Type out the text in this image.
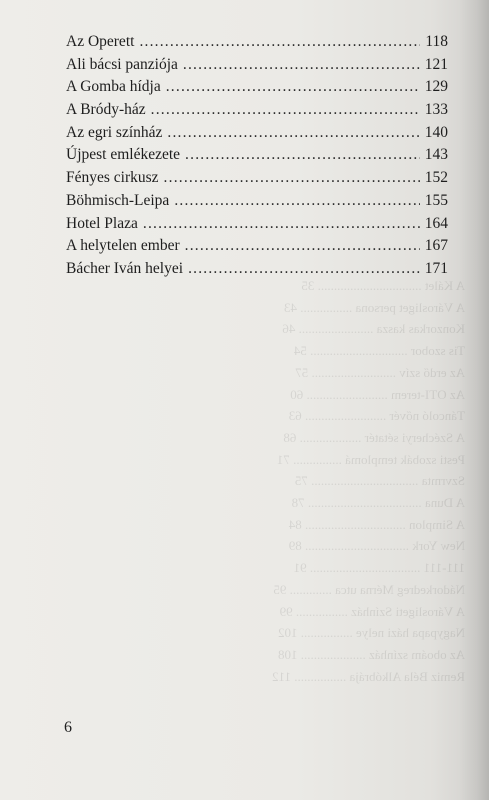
A Kálet ................................ 35
A Városliget persona ................ 43
Konzorkas kasza ....................... 46
Tis szobor .............................. 54
Az erdő szív .......................... 57
Az OTI-terem ......................... 60
Táncoló nővér ......................... 63
A Szécheryi sétatér ................... 68
Pesti szobák templomá ............... 71
Szvrmta ................................. 75
A Duna ................................... 78
A Simplon ............................... 84
New York ................................ 89
111-111 .................................. 91
Nádorkedreg Mérna utca ............. 95
A Városligeti Színház ................ 99
Nagypapa házi nelye ................ 102
Az oboám színház .................... 108
Remiz Béla Alkóbrája ................ 112
Az Operett .....	118
Ali bácsi panziója .....	121
A Gomba hídja .....	129
A Bródy-ház .....	133
Az egri színház .....	140
Újpest emlékezete .....	143
Fényes cirkusz .....	152
Böhmisch-Leipa .....	155
Hotel Plaza .....	164
A helytelen ember .....	167
Bácher Iván helyei .....	171
6
